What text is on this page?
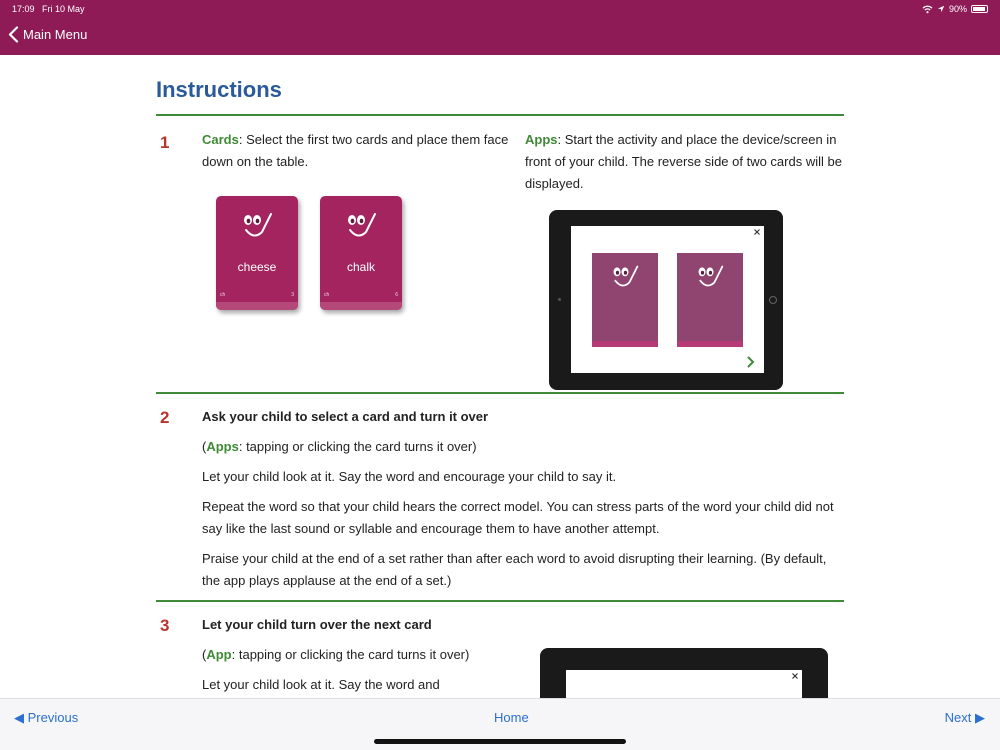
17:09 Fri 10 May	90%
Main Menu
Instructions
1	Cards: Select the first two cards and place them face down on the table.

cheese
ch	3
chalk
ch	6

Apps: Start the activity and place the device/screen in front of your child. The reverse side of two cards will be displayed.

2	Ask your child to select a card and turn it over

(Apps: tapping or clicking the card turns it over)

Let your child look at it. Say the word and encourage your child to say it.

Repeat the word so that your child hears the correct model. You can stress parts of the word your child did not say like the last sound or syllable and encourage them to have another attempt.

Praise your child at the end of a set rather than after each word to avoid disrupting their learning. (By default, the app plays applause at the end of a set.)

3	Let your child turn over the next card

(App: tapping or clicking the card turns it over)

Let your child look at it. Say the word and

◀ Previous	Home	Next ▶
